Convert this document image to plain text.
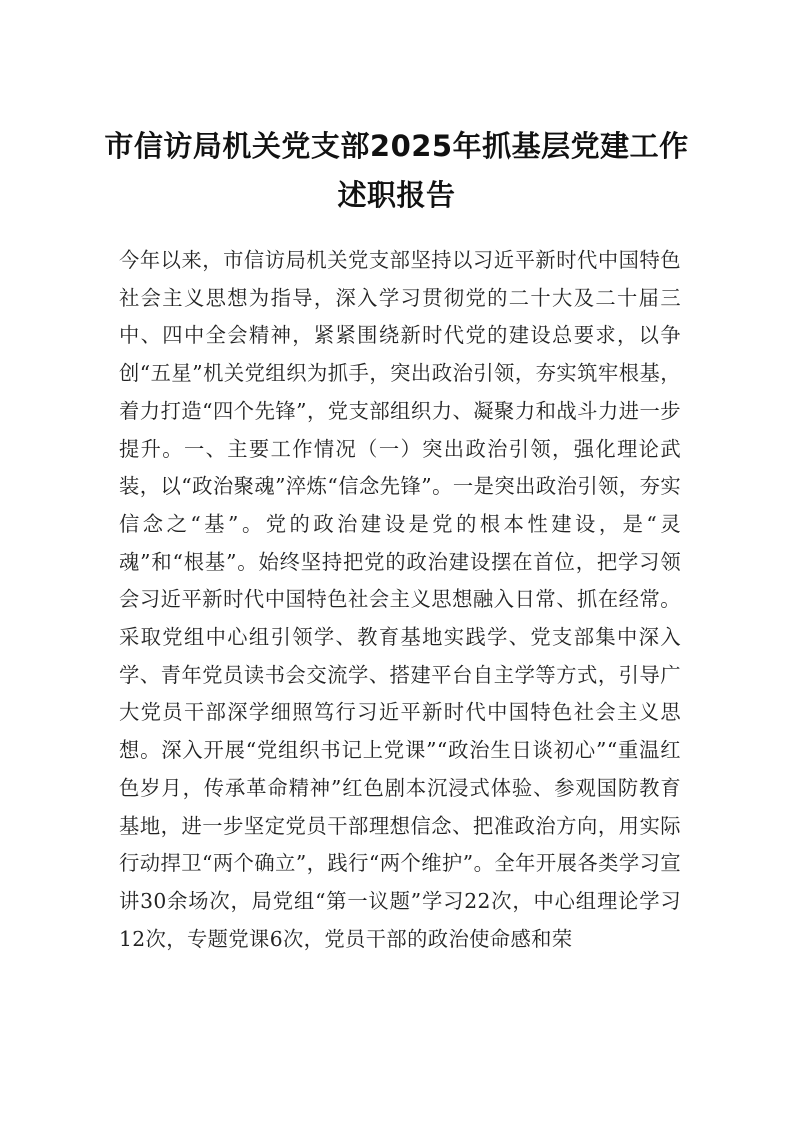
市信访局机关党支部2025年抓基层党建工作述职报告

今年以来，市信访局机关党支部坚持以习近平新时代中国特色社会主义思想为指导，深入学习贯彻党的二十大及二十届三中、四中全会精神，紧紧围绕新时代党的建设总要求，以争创“五星”机关党组织为抓手，突出政治引领，夯实筑牢根基，着力打造“四个先锋”，党支部组织力、凝聚力和战斗力进一步提升。一、主要工作情况（一）突出政治引领，强化理论武装，以“政治聚魂”淬炼“信念先锋”。一是突出政治引领，夯实信念之“基”。党的政治建设是党的根本性建设，是“灵魂”和“根基”。始终坚持把党的政治建设摆在首位，把学习领会习近平新时代中国特色社会主义思想融入日常、抓在经常。采取党组中心组引领学、教育基地实践学、党支部集中深入学、青年党员读书会交流学、搭建平台自主学等方式，引导广大党员干部深学细照笃行习近平新时代中国特色社会主义思想。深入开展“党组织书记上党课”“政治生日谈初心”“重温红色岁月，传承革命精神”红色剧本沉浸式体验、参观国防教育基地，进一步坚定党员干部理想信念、把准政治方向，用实际行动捍卫“两个确立”，践行“两个维护”。全年开展各类学习宣讲30余场次，局党组“第一议题”学习22次，中心组理论学习12次，专题党课6次，党员干部的政治使命感和荣
